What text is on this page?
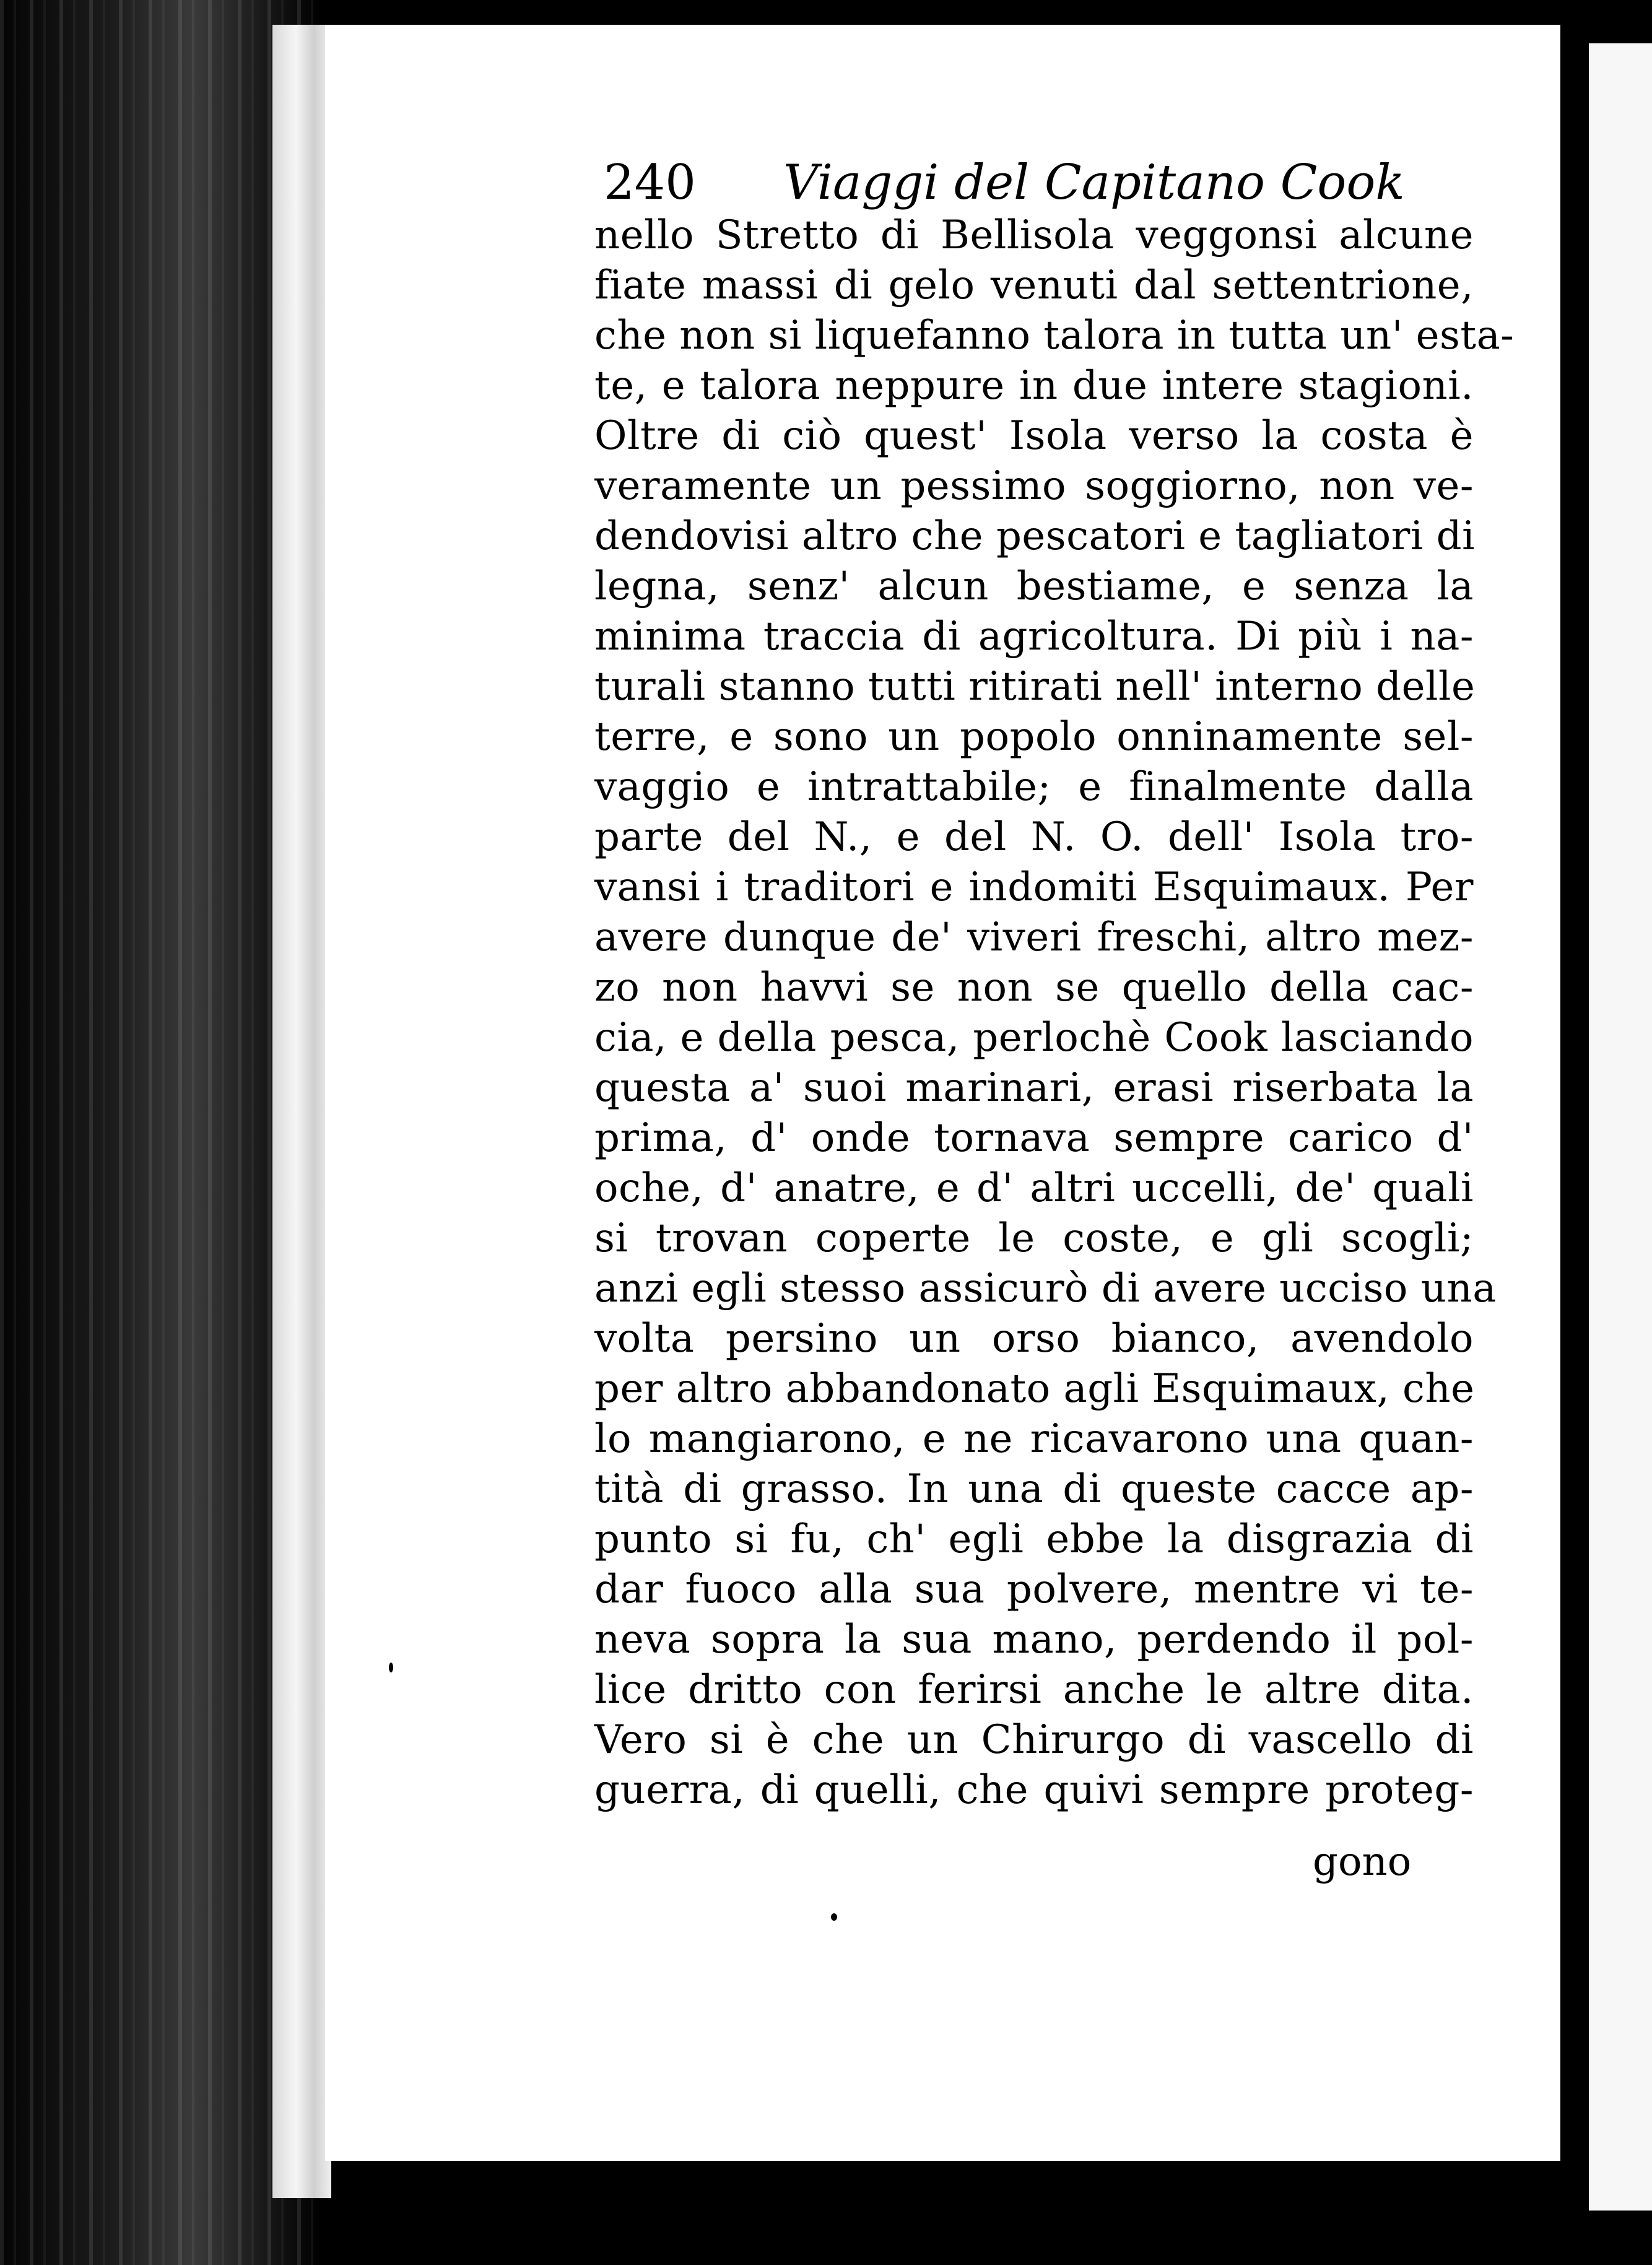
240 Viaggi del Capitano Cook
nello Stretto di Bellisola veggonsi alcune
fiate massi di gelo venuti dal settentrione,
che non si liquefanno talora in tutta un' esta-
te, e talora neppure in due intere stagioni.
Oltre di ciò quest' Isola verso la costa è
veramente un pessimo soggiorno, non ve-
dendovisi altro che pescatori e tagliatori di
legna, senz' alcun bestiame, e senza la
minima traccia di agricoltura. Di più i na-
turali stanno tutti ritirati nell' interno delle
terre, e sono un popolo onninamente sel-
vaggio e intrattabile; e finalmente dalla
parte del N., e del N. O. dell' Isola tro-
vansi i traditori e indomiti Esquimaux. Per
avere dunque de' viveri freschi, altro mez-
zo non havvi se non se quello della cac-
cia, e della pesca, perlochè Cook lasciando
questa a' suoi marinari, erasi riserbata la
prima, d' onde tornava sempre carico d'
oche, d' anatre, e d' altri uccelli, de' quali
si trovan coperte le coste, e gli scogli;
anzi egli stesso assicurò di avere ucciso una
volta persino un orso bianco, avendolo
per altro abbandonato agli Esquimaux, che
lo mangiarono, e ne ricavarono una quan-
tità di grasso. In una di queste cacce ap-
punto si fu, ch' egli ebbe la disgrazia di
dar fuoco alla sua polvere, mentre vi te-
neva sopra la sua mano, perdendo il pol-
lice dritto con ferirsi anche le altre dita.
Vero si è che un Chirurgo di vascello di
guerra, di quelli, che quivi sempre proteg-
gono
